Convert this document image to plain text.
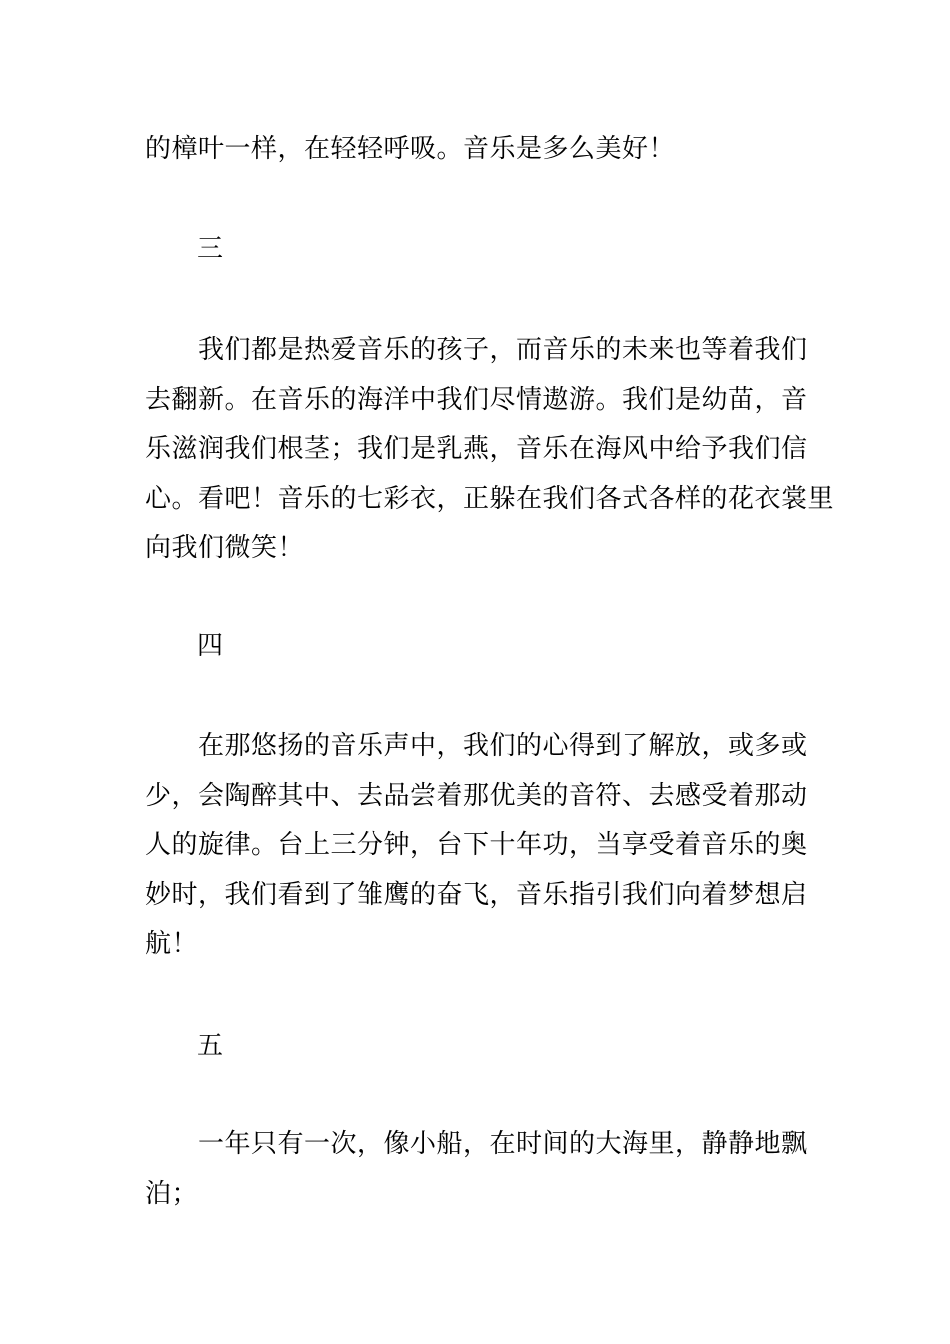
的樟叶一样，在轻轻呼吸。音乐是多么美好！
三
我们都是热爱音乐的孩子，而音乐的未来也等着我们
去翻新。在音乐的海洋中我们尽情遨游。我们是幼苗，音
乐滋润我们根茎；我们是乳燕，音乐在海风中给予我们信
心。看吧！音乐的七彩衣，正躲在我们各式各样的花衣裳里
向我们微笑！
四
在那悠扬的音乐声中，我们的心得到了解放，或多或
少，会陶醉其中、去品尝着那优美的音符、去感受着那动
人的旋律。台上三分钟，台下十年功，当享受着音乐的奥
妙时，我们看到了雏鹰的奋飞，音乐指引我们向着梦想启
航！
五
一年只有一次，像小船，在时间的大海里，静静地飘
泊；
